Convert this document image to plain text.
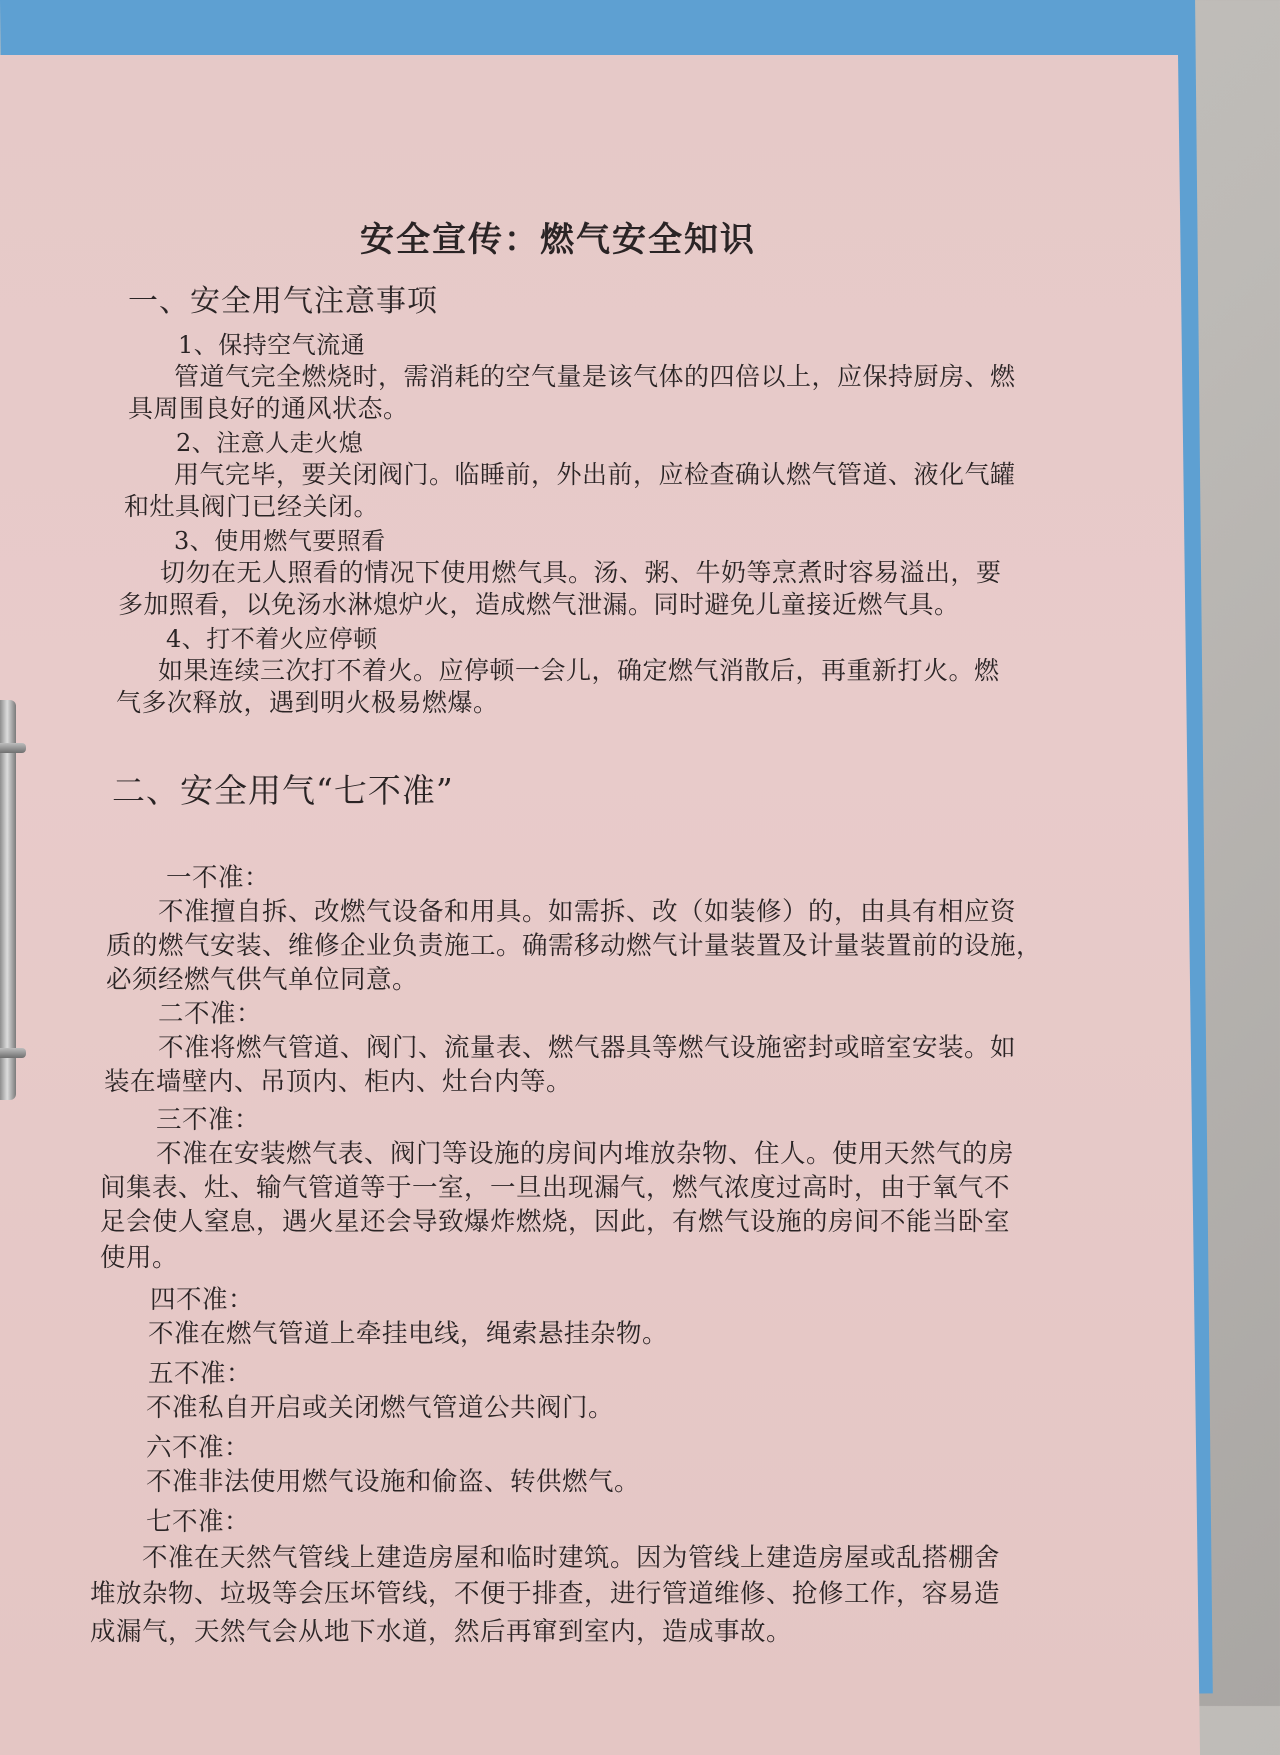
安全宣传：燃气安全知识
一、安全用气注意事项
1、保持空气流通
管道气完全燃烧时，需消耗的空气量是该气体的四倍以上，应保持厨房、燃
具周围良好的通风状态。
2、注意人走火熄
用气完毕，要关闭阀门。临睡前，外出前，应检查确认燃气管道、液化气罐
和灶具阀门已经关闭。
3、使用燃气要照看
切勿在无人照看的情况下使用燃气具。汤、粥、牛奶等烹煮时容易溢出，要
多加照看，以免汤水淋熄炉火，造成燃气泄漏。同时避免儿童接近燃气具。
4、打不着火应停顿
如果连续三次打不着火。应停顿一会儿，确定燃气消散后，再重新打火。燃
气多次释放，遇到明火极易燃爆。
二、安全用气“七不准”
一不准：
不准擅自拆、改燃气设备和用具。如需拆、改（如装修）的，由具有相应资
质的燃气安装、维修企业负责施工。确需移动燃气计量装置及计量装置前的设施，
必须经燃气供气单位同意。
二不准：
不准将燃气管道、阀门、流量表、燃气器具等燃气设施密封或暗室安装。如
装在墙壁内、吊顶内、柜内、灶台内等。
三不准：
不准在安装燃气表、阀门等设施的房间内堆放杂物、住人。使用天然气的房
间集表、灶、输气管道等于一室，一旦出现漏气，燃气浓度过高时，由于氧气不
足会使人窒息，遇火星还会导致爆炸燃烧，因此，有燃气设施的房间不能当卧室
使用。
四不准：
不准在燃气管道上牵挂电线，绳索悬挂杂物。
五不准：
不准私自开启或关闭燃气管道公共阀门。
六不准：
不准非法使用燃气设施和偷盗、转供燃气。
七不准：
不准在天然气管线上建造房屋和临时建筑。因为管线上建造房屋或乱搭棚舍
堆放杂物、垃圾等会压坏管线，不便于排查，进行管道维修、抢修工作，容易造
成漏气，天然气会从地下水道，然后再窜到室内，造成事故。
